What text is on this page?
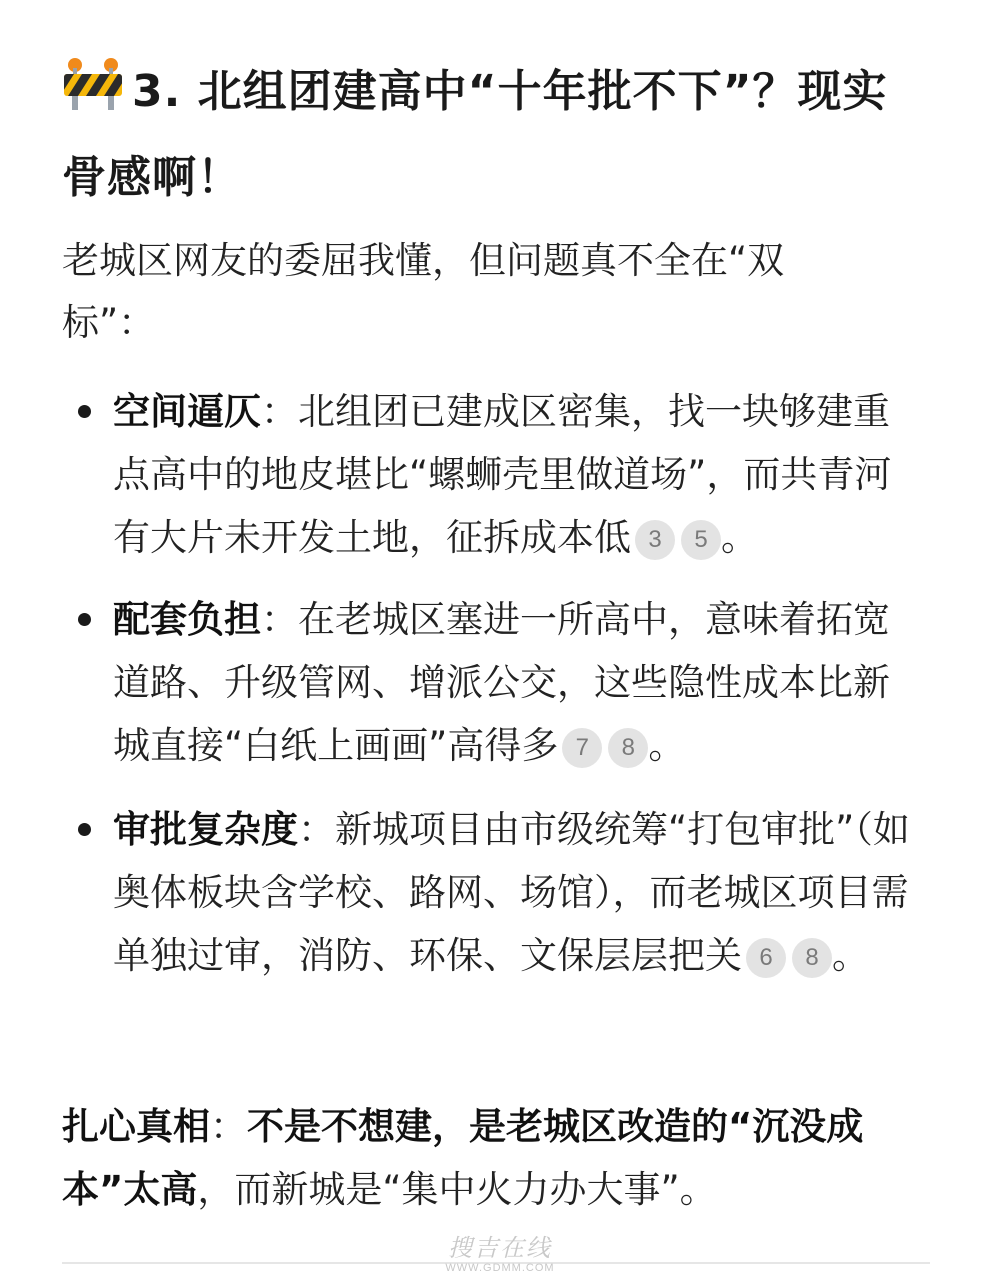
3. 北组团建高中“十年批不下”？现实骨感啊！

老城区网友的委屈我懂，但问题真不全在“双标”：

空间逼仄：北组团已建成区密集，找一块够建重点高中的地皮堪比“螺蛳壳里做道场”，而共青河有大片未开发土地，征拆成本低 3 5 。

配套负担：在老城区塞进一所高中，意味着拓宽道路、升级管网、增派公交，这些隐性成本比新城直接“白纸上画画”高得多 7 8 。

审批复杂度：新城项目由市级统筹“打包审批”（如奥体板块含学校、路网、场馆），而老城区项目需单独过审，消防、环保、文保层层把关 6 8 。

扎心真相：不是不想建，是老城区改造的“沉没成本”太高，而新城是“集中火力办大事”。

搜吉在线
WWW.GDMM.COM
